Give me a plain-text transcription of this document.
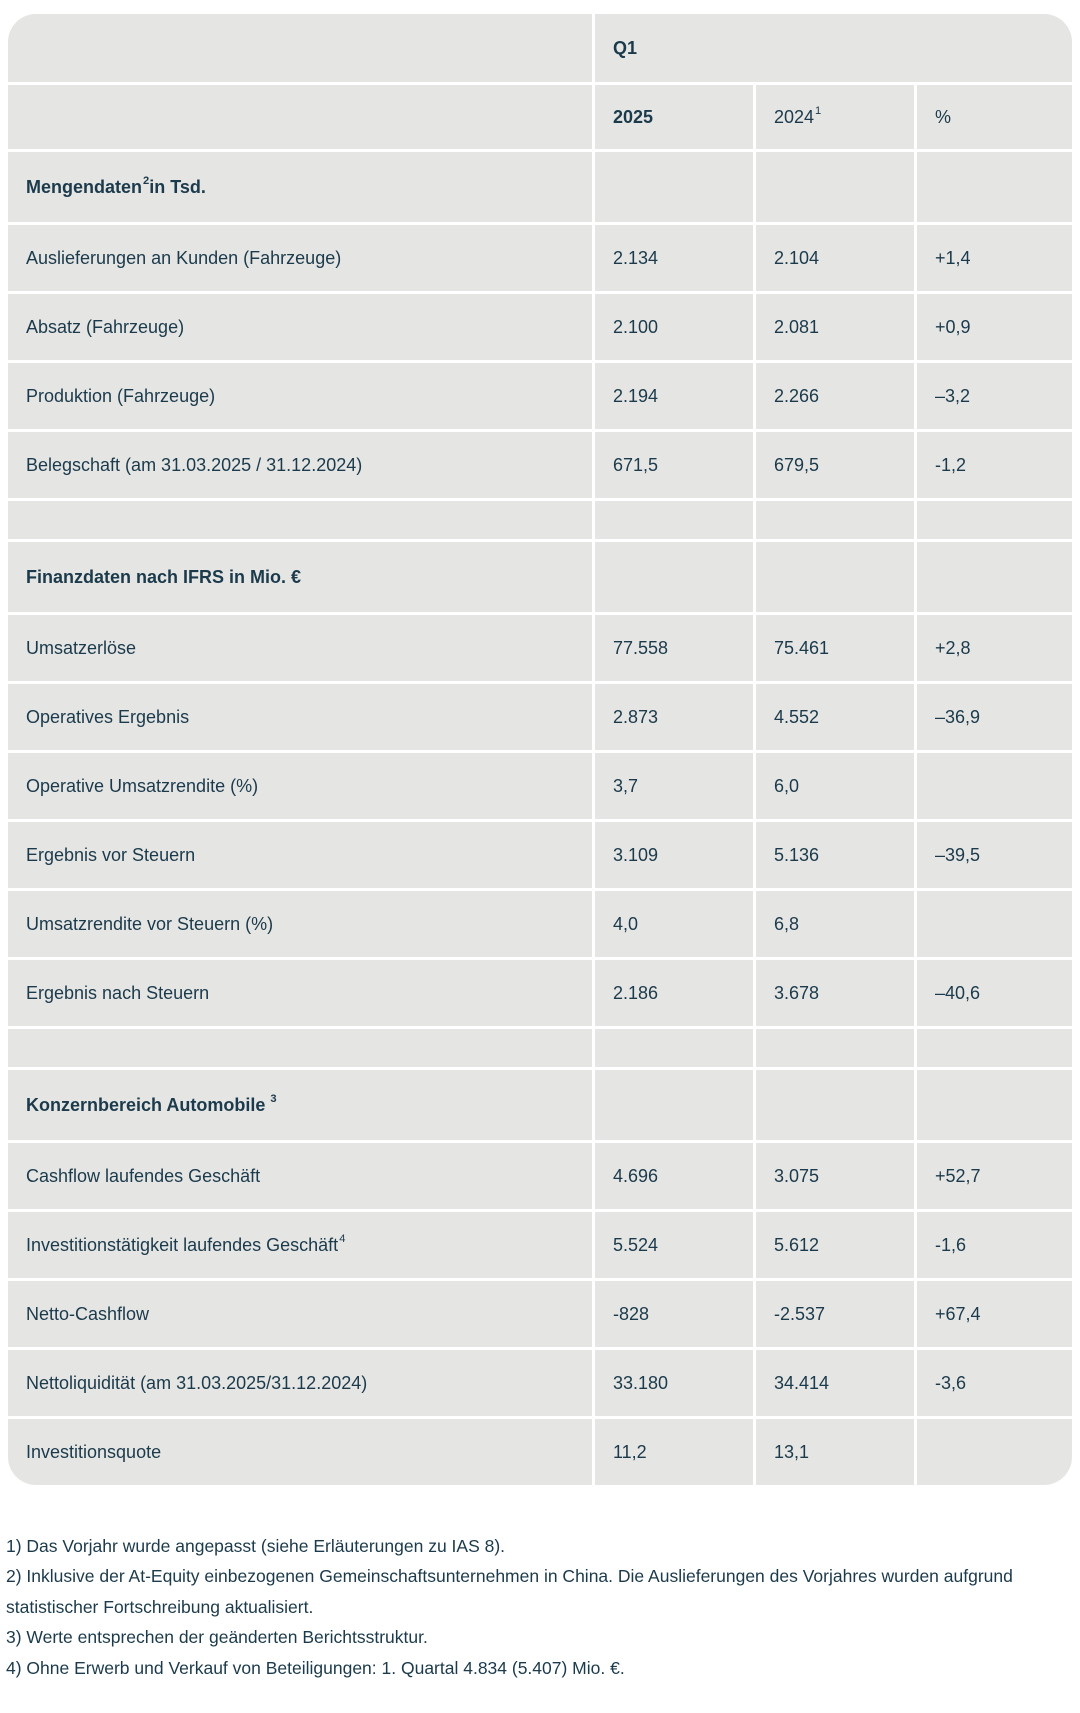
Q1
2025	2024$^1$	%
Mengendaten$^2$ in Tsd.
Auslieferungen an Kunden (Fahrzeuge)	2.134	2.104	+1,4
Absatz (Fahrzeuge)	2.100	2.081	+0,9
Produktion (Fahrzeuge)	2.194	2.266	–3,2
Belegschaft (am 31.03.2025 / 31.12.2024)	671,5	679,5	-1,2
Finanzdaten nach IFRS in Mio. €
Umsatzerlöse	77.558	75.461	+2,8
Operatives Ergebnis	2.873	4.552	–36,9
Operative Umsatzrendite (%)	3,7	6,0
Ergebnis vor Steuern	3.109	5.136	–39,5
Umsatzrendite vor Steuern (%)	4,0	6,8
Ergebnis nach Steuern	2.186	3.678	–40,6
Konzernbereich Automobile $^3$
Cashflow laufendes Geschäft	4.696	3.075	+52,7
Investitionstätigkeit laufendes Geschäft$^4$	5.524	5.612	-1,6
Netto-Cashflow	-828	-2.537	+67,4
Nettoliquidität (am 31.03.2025/31.12.2024)	33.180	34.414	-3,6
Investitionsquote	11,2	13,1

1) Das Vorjahr wurde angepasst (siehe Erläuterungen zu IAS 8).

2) Inklusive der At-Equity einbezogenen Gemeinschaftsunternehmen in China. Die Auslieferungen des Vorjahres wurden aufgrund statistischer Fortschreibung aktualisiert.

3) Werte entsprechen der geänderten Berichtsstruktur.

4) Ohne Erwerb und Verkauf von Beteiligungen: 1. Quartal 4.834 (5.407) Mio. €.
